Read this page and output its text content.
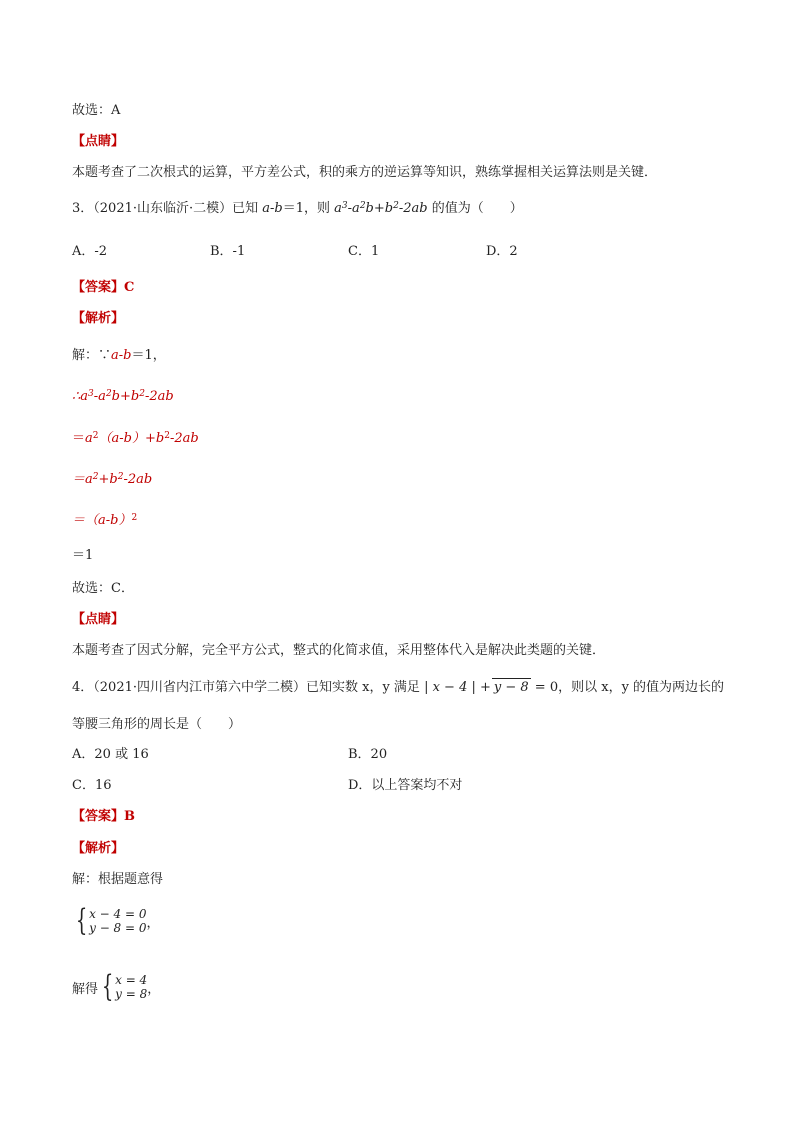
故选：A
【点睛】
本题考查了二次根式的运算，平方差公式，积的乘方的逆运算等知识，熟练掌握相关运算法则是关键．
3．（2021·山东临沂·二模）已知 a-b＝1，则 $a^3-a^2b+b^2-2ab$ 的值为（　　）
A．-2	B．-1	C．1	D．2
【答案】C
【解析】
解：∵a-b＝1，
$\therefore a^3-a^2b+b^2-2ab$
$=a^2(a-b)+b^2-2ab$
$=a^2+b^2-2ab$
$=(a-b)^2$
＝1
故选：C．
【点睛】
本题考查了因式分解，完全平方公式，整式的化简求值，采用整体代入是解决此类题的关键．
4．（2021·四川省内江市第六中学二模）已知实数 x，y 满足 | x − 4 | + y − 8 = 0，则以 x，y 的值为两边长的
等腰三角形的周长是（　　）
A．20 或 16	B．20
C．16	D．以上答案均不对
【答案】B
【解析】
解：根据题意得
{ x − 4 = 0
y − 8 = 0 ，
解得 { x = 4
y = 8 ，
